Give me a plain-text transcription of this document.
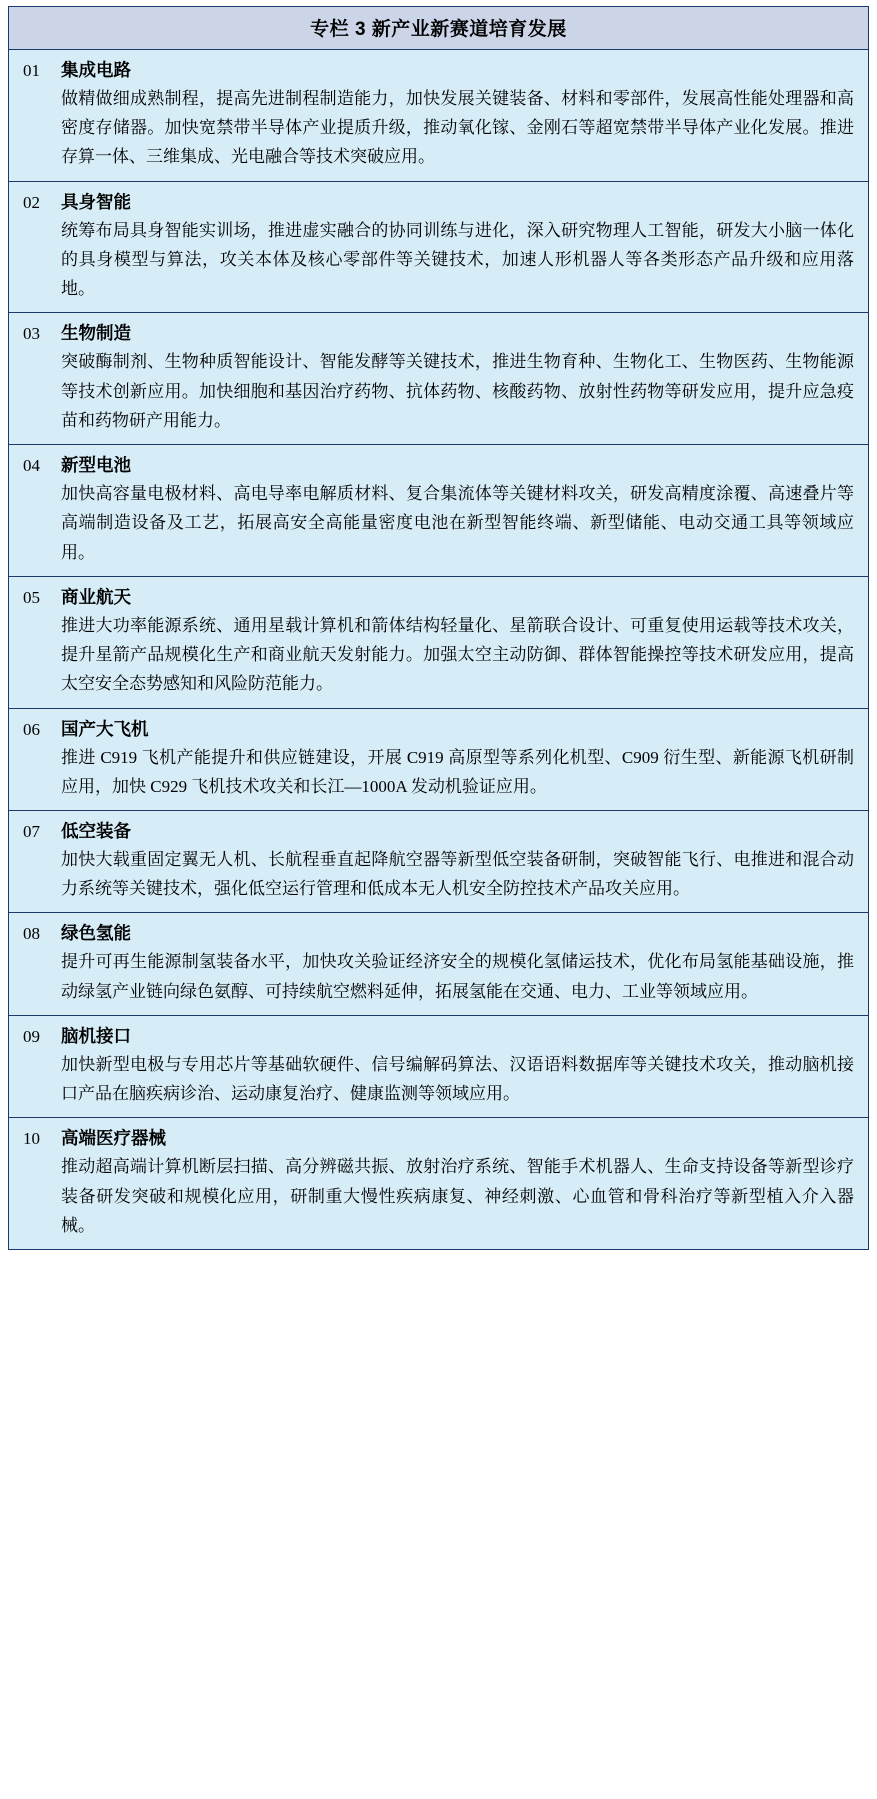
专栏 3 新产业新赛道培育发展
01	集成电路
做精做细成熟制程，提高先进制程制造能力，加快发展关键装备、材料和零部件，发展高性能处理器和高密度存储器。加快宽禁带半导体产业提质升级，推动氧化镓、金刚石等超宽禁带半导体产业化发展。推进存算一体、三维集成、光电融合等技术突破应用。
02	具身智能
统筹布局具身智能实训场，推进虚实融合的协同训练与进化，深入研究物理人工智能，研发大小脑一体化的具身模型与算法，攻关本体及核心零部件等关键技术，加速人形机器人等各类形态产品升级和应用落地。
03	生物制造
突破酶制剂、生物种质智能设计、智能发酵等关键技术，推进生物育种、生物化工、生物医药、生物能源等技术创新应用。加快细胞和基因治疗药物、抗体药物、核酸药物、放射性药物等研发应用，提升应急疫苗和药物研产用能力。
04	新型电池
加快高容量电极材料、高电导率电解质材料、复合集流体等关键材料攻关，研发高精度涂覆、高速叠片等高端制造设备及工艺，拓展高安全高能量密度电池在新型智能终端、新型储能、电动交通工具等领域应用。
05	商业航天
推进大功率能源系统、通用星载计算机和箭体结构轻量化、星箭联合设计、可重复使用运载等技术攻关，提升星箭产品规模化生产和商业航天发射能力。加强太空主动防御、群体智能操控等技术研发应用，提高太空安全态势感知和风险防范能力。
06	国产大飞机
推进 C919 飞机产能提升和供应链建设，开展 C919 高原型等系列化机型、C909 衍生型、新能源飞机研制应用，加快 C929 飞机技术攻关和长江—1000A 发动机验证应用。
07	低空装备
加快大载重固定翼无人机、长航程垂直起降航空器等新型低空装备研制，突破智能飞行、电推进和混合动力系统等关键技术，强化低空运行管理和低成本无人机安全防控技术产品攻关应用。
08	绿色氢能
提升可再生能源制氢装备水平，加快攻关验证经济安全的规模化氢储运技术，优化布局氢能基础设施，推动绿氢产业链向绿色氨醇、可持续航空燃料延伸，拓展氢能在交通、电力、工业等领域应用。
09	脑机接口
加快新型电极与专用芯片等基础软硬件、信号编解码算法、汉语语料数据库等关键技术攻关，推动脑机接口产品在脑疾病诊治、运动康复治疗、健康监测等领域应用。
10	高端医疗器械
推动超高端计算机断层扫描、高分辨磁共振、放射治疗系统、智能手术机器人、生命支持设备等新型诊疗装备研发突破和规模化应用，研制重大慢性疾病康复、神经刺激、心血管和骨科治疗等新型植入介入器械。
